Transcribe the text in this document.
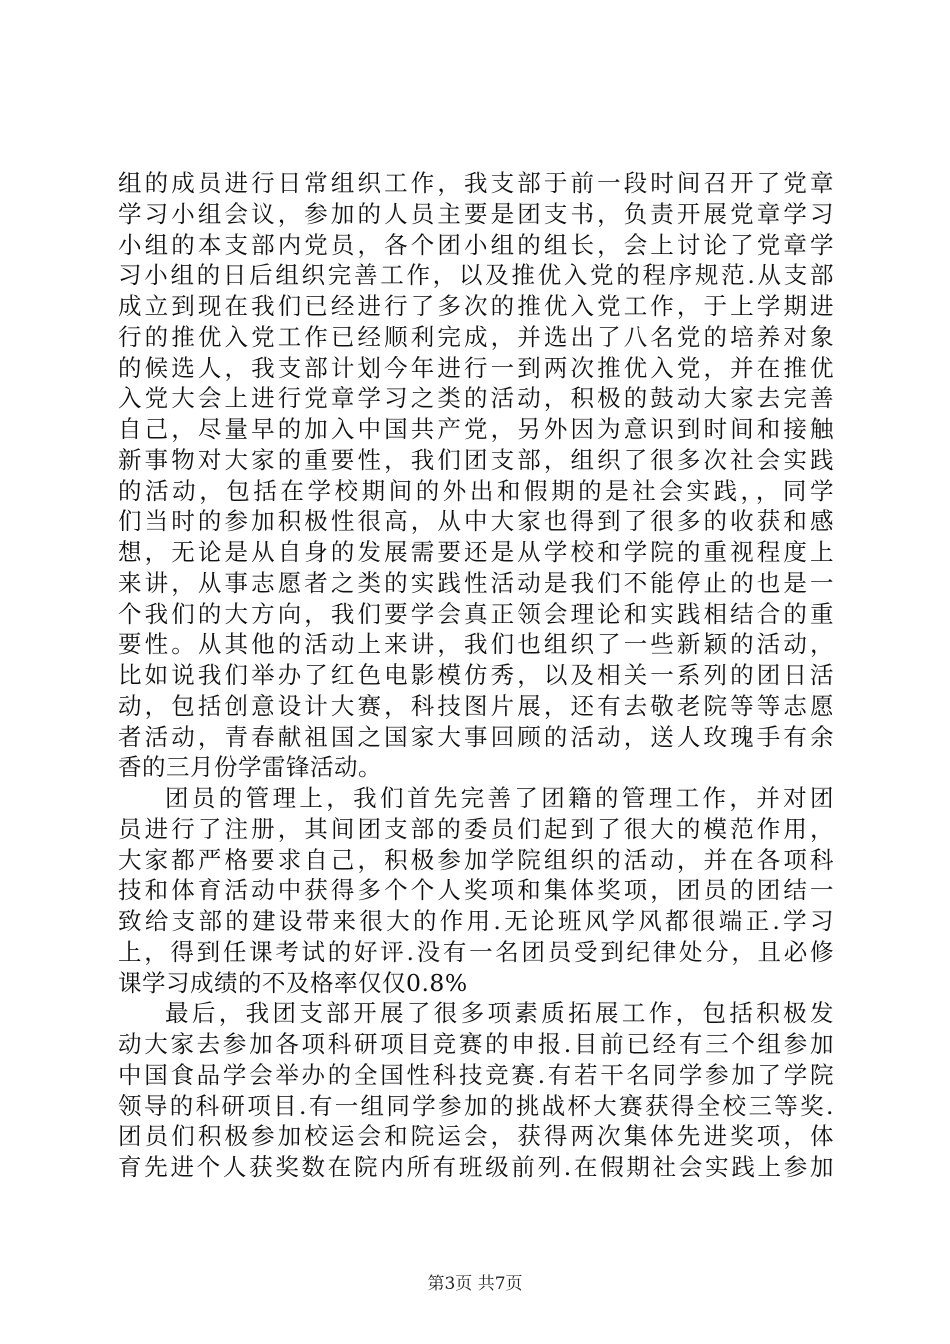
组的成员进行日常组织工作，我支部于前一段时间召开了党章
学习小组会议，参加的人员主要是团支书，负责开展党章学习
小组的本支部内党员，各个团小组的组长，会上讨论了党章学
习小组的日后组织完善工作，以及推优入党的程序规范.从支部
成立到现在我们已经进行了多次的推优入党工作，于上学期进
行的推优入党工作已经顺利完成，并选出了八名党的培养对象
的候选人，我支部计划今年进行一到两次推优入党，并在推优
入党大会上进行党章学习之类的活动，积极的鼓动大家去完善
自己，尽量早的加入中国共产党，另外因为意识到时间和接触
新事物对大家的重要性，我们团支部，组织了很多次社会实践
的活动，包括在学校期间的外出和假期的是社会实践，，同学
们当时的参加积极性很高，从中大家也得到了很多的收获和感
想，无论是从自身的发展需要还是从学校和学院的重视程度上
来讲，从事志愿者之类的实践性活动是我们不能停止的也是一
个我们的大方向，我们要学会真正领会理论和实践相结合的重
要性。从其他的活动上来讲，我们也组织了一些新颖的活动，
比如说我们举办了红色电影模仿秀，以及相关一系列的团日活
动，包括创意设计大赛，科技图片展，还有去敬老院等等志愿
者活动，青春献祖国之国家大事回顾的活动，送人玫瑰手有余
香的三月份学雷锋活动。
团员的管理上，我们首先完善了团籍的管理工作，并对团
员进行了注册，其间团支部的委员们起到了很大的模范作用，
大家都严格要求自己，积极参加学院组织的活动，并在各项科
技和体育活动中获得多个个人奖项和集体奖项，团员的团结一
致给支部的建设带来很大的作用.无论班风学风都很端正.学习
上，得到任课考试的好评.没有一名团员受到纪律处分，且必修
课学习成绩的不及格率仅仅0.8%
最后，我团支部开展了很多项素质拓展工作，包括积极发
动大家去参加各项科研项目竞赛的申报.目前已经有三个组参加
中国食品学会举办的全国性科技竞赛.有若干名同学参加了学院
领导的科研项目.有一组同学参加的挑战杯大赛获得全校三等奖.
团员们积极参加校运会和院运会，获得两次集体先进奖项，体
育先进个人获奖数在院内所有班级前列.在假期社会实践上参加
第3页 共7页
